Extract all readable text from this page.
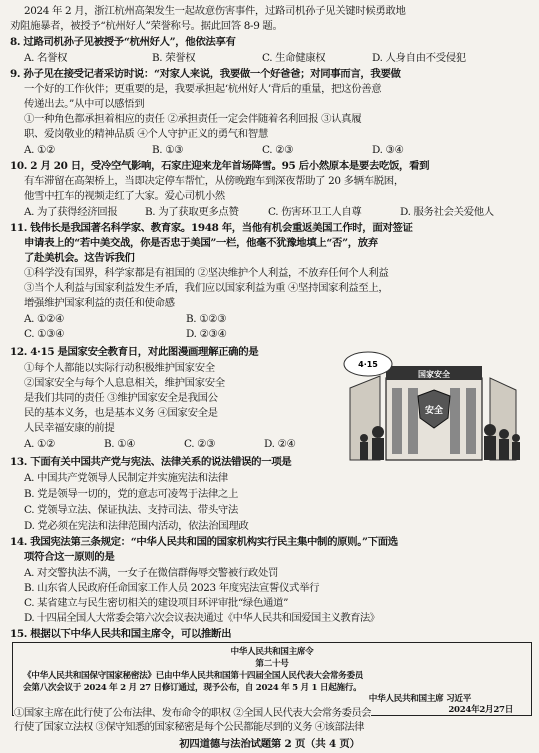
2024 年 2 月，浙江杭州高架发生一起故意伤害事件，过路司机孙子见关键时候勇敢地
劝阻施暴者，被授予“杭州好人”荣誉称号。据此回答 8-9 题。
8. 过路司机孙子见被授予“杭州好人”，他依法享有
A. 名誉权	B. 荣誉权	C. 生命健康权	D. 人身自由不受侵犯
9. 孙子见在接受记者采访时说：“对家人来说，我要做一个好爸爸；对同事而言，我要做
一个好的工作伙伴；更重要的是，我要承担起‘杭州好人’背后的重量，把这份善意
传递出去。”从中可以感悟到
①一种角色都承担着相应的责任 ②承担责任一定会伴随着名利回报 ③认真履
职、爱岗敬业的精神品质 ④个人守护正义的勇气和智慧
A. ①②	B. ①③	C. ②③	D. ③④
10. 2 月 20 日，受冷空气影响，石家庄迎来龙年首场降雪。95 后小然原本是要去吃饭，看到
有车滞留在高架桥上，当即决定停车帮忙，从傍晚跑车到深夜帮助了 20 多辆车脱困，
他雪中扛车的视频走红了大家。爱心司机小然
A. 为了获得经济回报	B. 为了获取更多点赞	C. 伤害环卫工人自尊	D. 服务社会关爱他人
11. 钱伟长是我国著名科学家、教育家。1948 年，当他有机会重返美国工作时，面对签证
申请表上的“若中美交战，你是否忠于美国”一栏，他毫不犹豫地填上“否”，放弃
了赴美机会。这告诉我们
①科学没有国界，科学家都是有祖国的 ②坚决维护个人利益，不放弃任何个人利益
③当个人利益与国家利益发生矛盾，我们应以国家利益为重 ④坚持国家利益至上，
增强维护国家利益的责任和使命感
A. ①②④	B. ①②③
C. ①③④	D. ②③④
12. 4·15 是国家安全教育日，对此图漫画理解正确的是
①每个人都能以实际行动积极维护国家安全
②国家安全与每个人息息相关，维护国家安全
是我们共同的责任 ③维护国家安全是我国公
民的基本义务，也是基本义务 ④国家安全是
人民幸福安康的前提
A. ①②	B. ①④	C. ②③	D. ②④
安全
国家安全
4·15
13. 下面有关中国共产党与宪法、法律关系的说法错误的一项是
A. 中国共产党领导人民制定并实施宪法和法律
B. 党是领导一切的，党的意志可凌驾于法律之上
C. 党领导立法、保证执法、支持司法、带头守法
D. 党必须在宪法和法律范围内活动，依法治国理政
14. 我国宪法第三条规定：“中华人民共和国的国家机构实行民主集中制的原则。”下面选
项符合这一原则的是
A. 对交警执法不满，一女子在微信群侮辱交警被行政处罚
B. 山东省人民政府任命国家工作人员 2023 年度宪法宣誓仪式举行
C. 某省建立与民生密切相关的建设项目环评审批“绿色通道”
D. 十四届全国人大常委会第六次会议表决通过《中华人民共和国爱国主义教育法》
中华人民共和国主席令
第二十号
《中华人民共和国保守国家秘密法》已由中华人民共和国第十四届全国人民代表大会常务委员
会第八次会议于 2024 年 2 月 27 日修订通过，现予公布，自 2024 年 5 月 1 日起施行。
中华人民共和国主席 习近平
2024年2月27日
15. 根据以下中华人民共和国主席令，可以推断出
①国家主席在此行使了公布法律、发布命令的职权 ②全国人民代表大会常务委员会
行使了国家立法权 ③保守知悉的国家秘密是每个公民都能尽到的义务 ④该部法律
初四道德与法治试题第 2 页（共 4 页）
